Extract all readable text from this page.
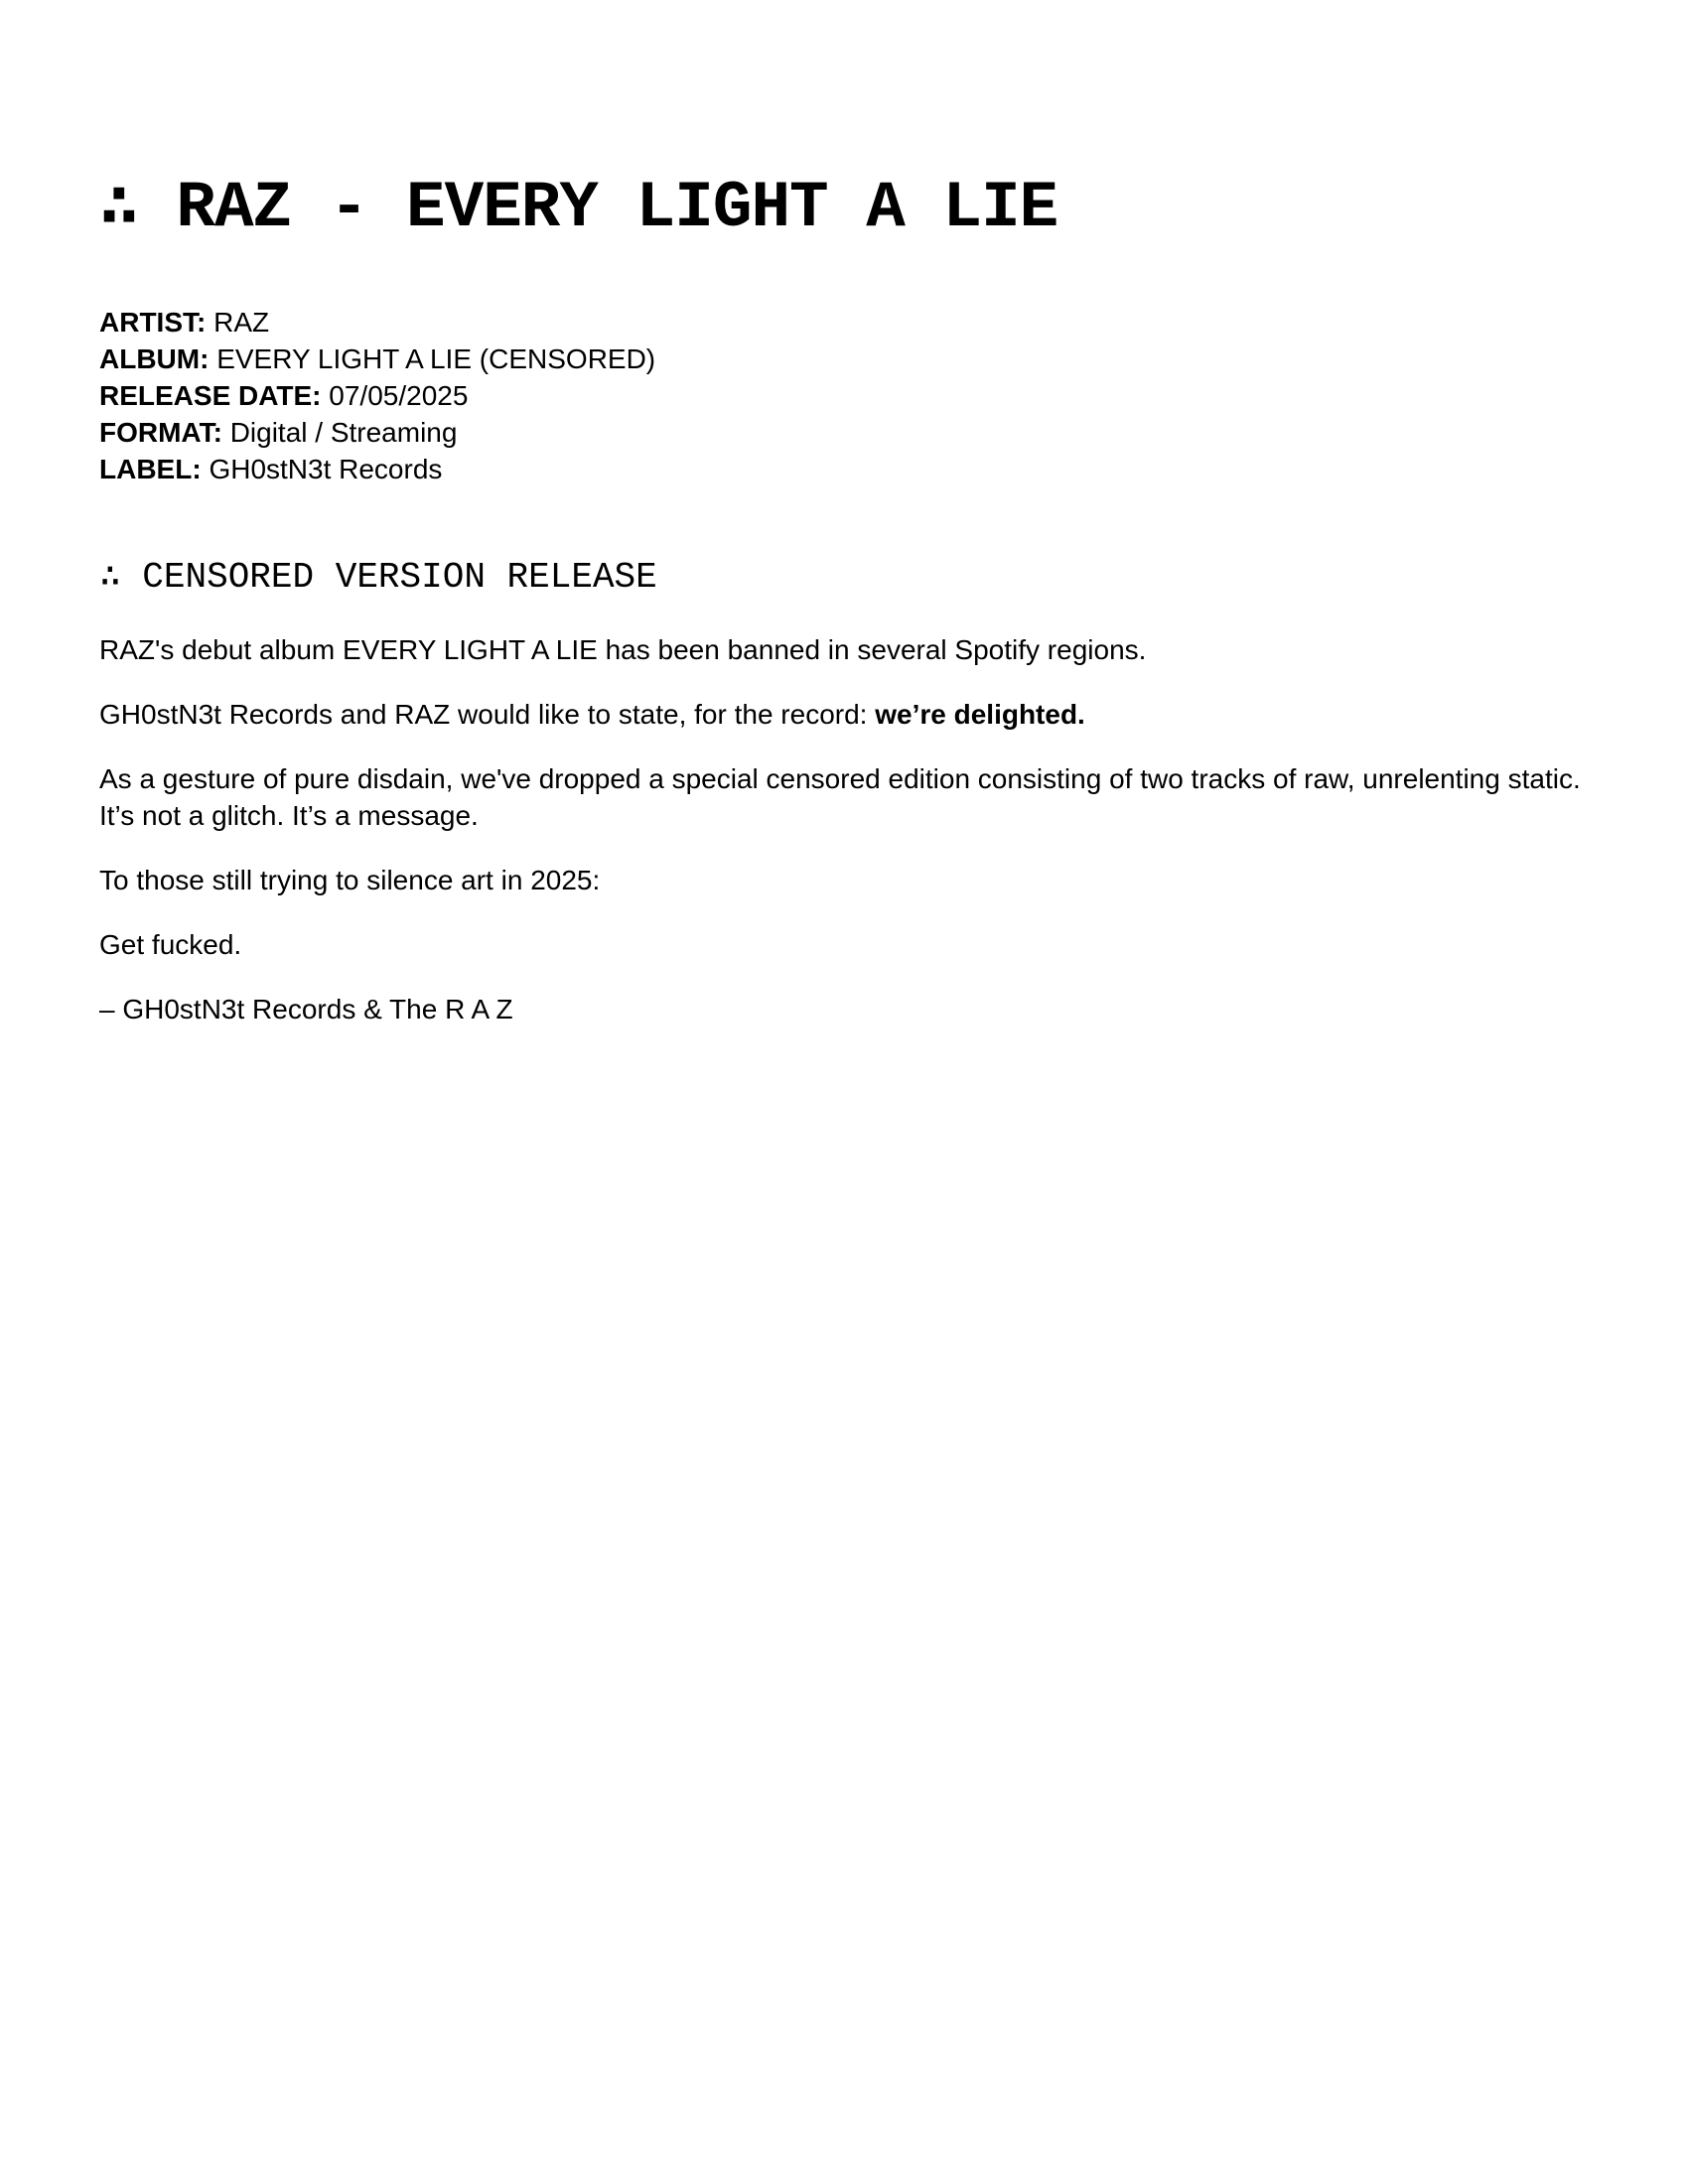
∴ RAZ - EVERY LIGHT A LIE
ARTIST: RAZ
ALBUM: EVERY LIGHT A LIE (CENSORED)
RELEASE DATE: 07/05/2025
FORMAT: Digital / Streaming
LABEL: GH0stN3t Records
∴ CENSORED VERSION RELEASE

RAZ's debut album EVERY LIGHT A LIE has been banned in several Spotify regions.

GH0stN3t Records and RAZ would like to state, for the record: we’re delighted.

As a gesture of pure disdain, we've dropped a special censored edition consisting of two tracks of raw, unrelenting static.
It’s not a glitch. It’s a message.

To those still trying to silence art in 2025:

Get fucked.

– GH0stN3t Records & The R A Z
